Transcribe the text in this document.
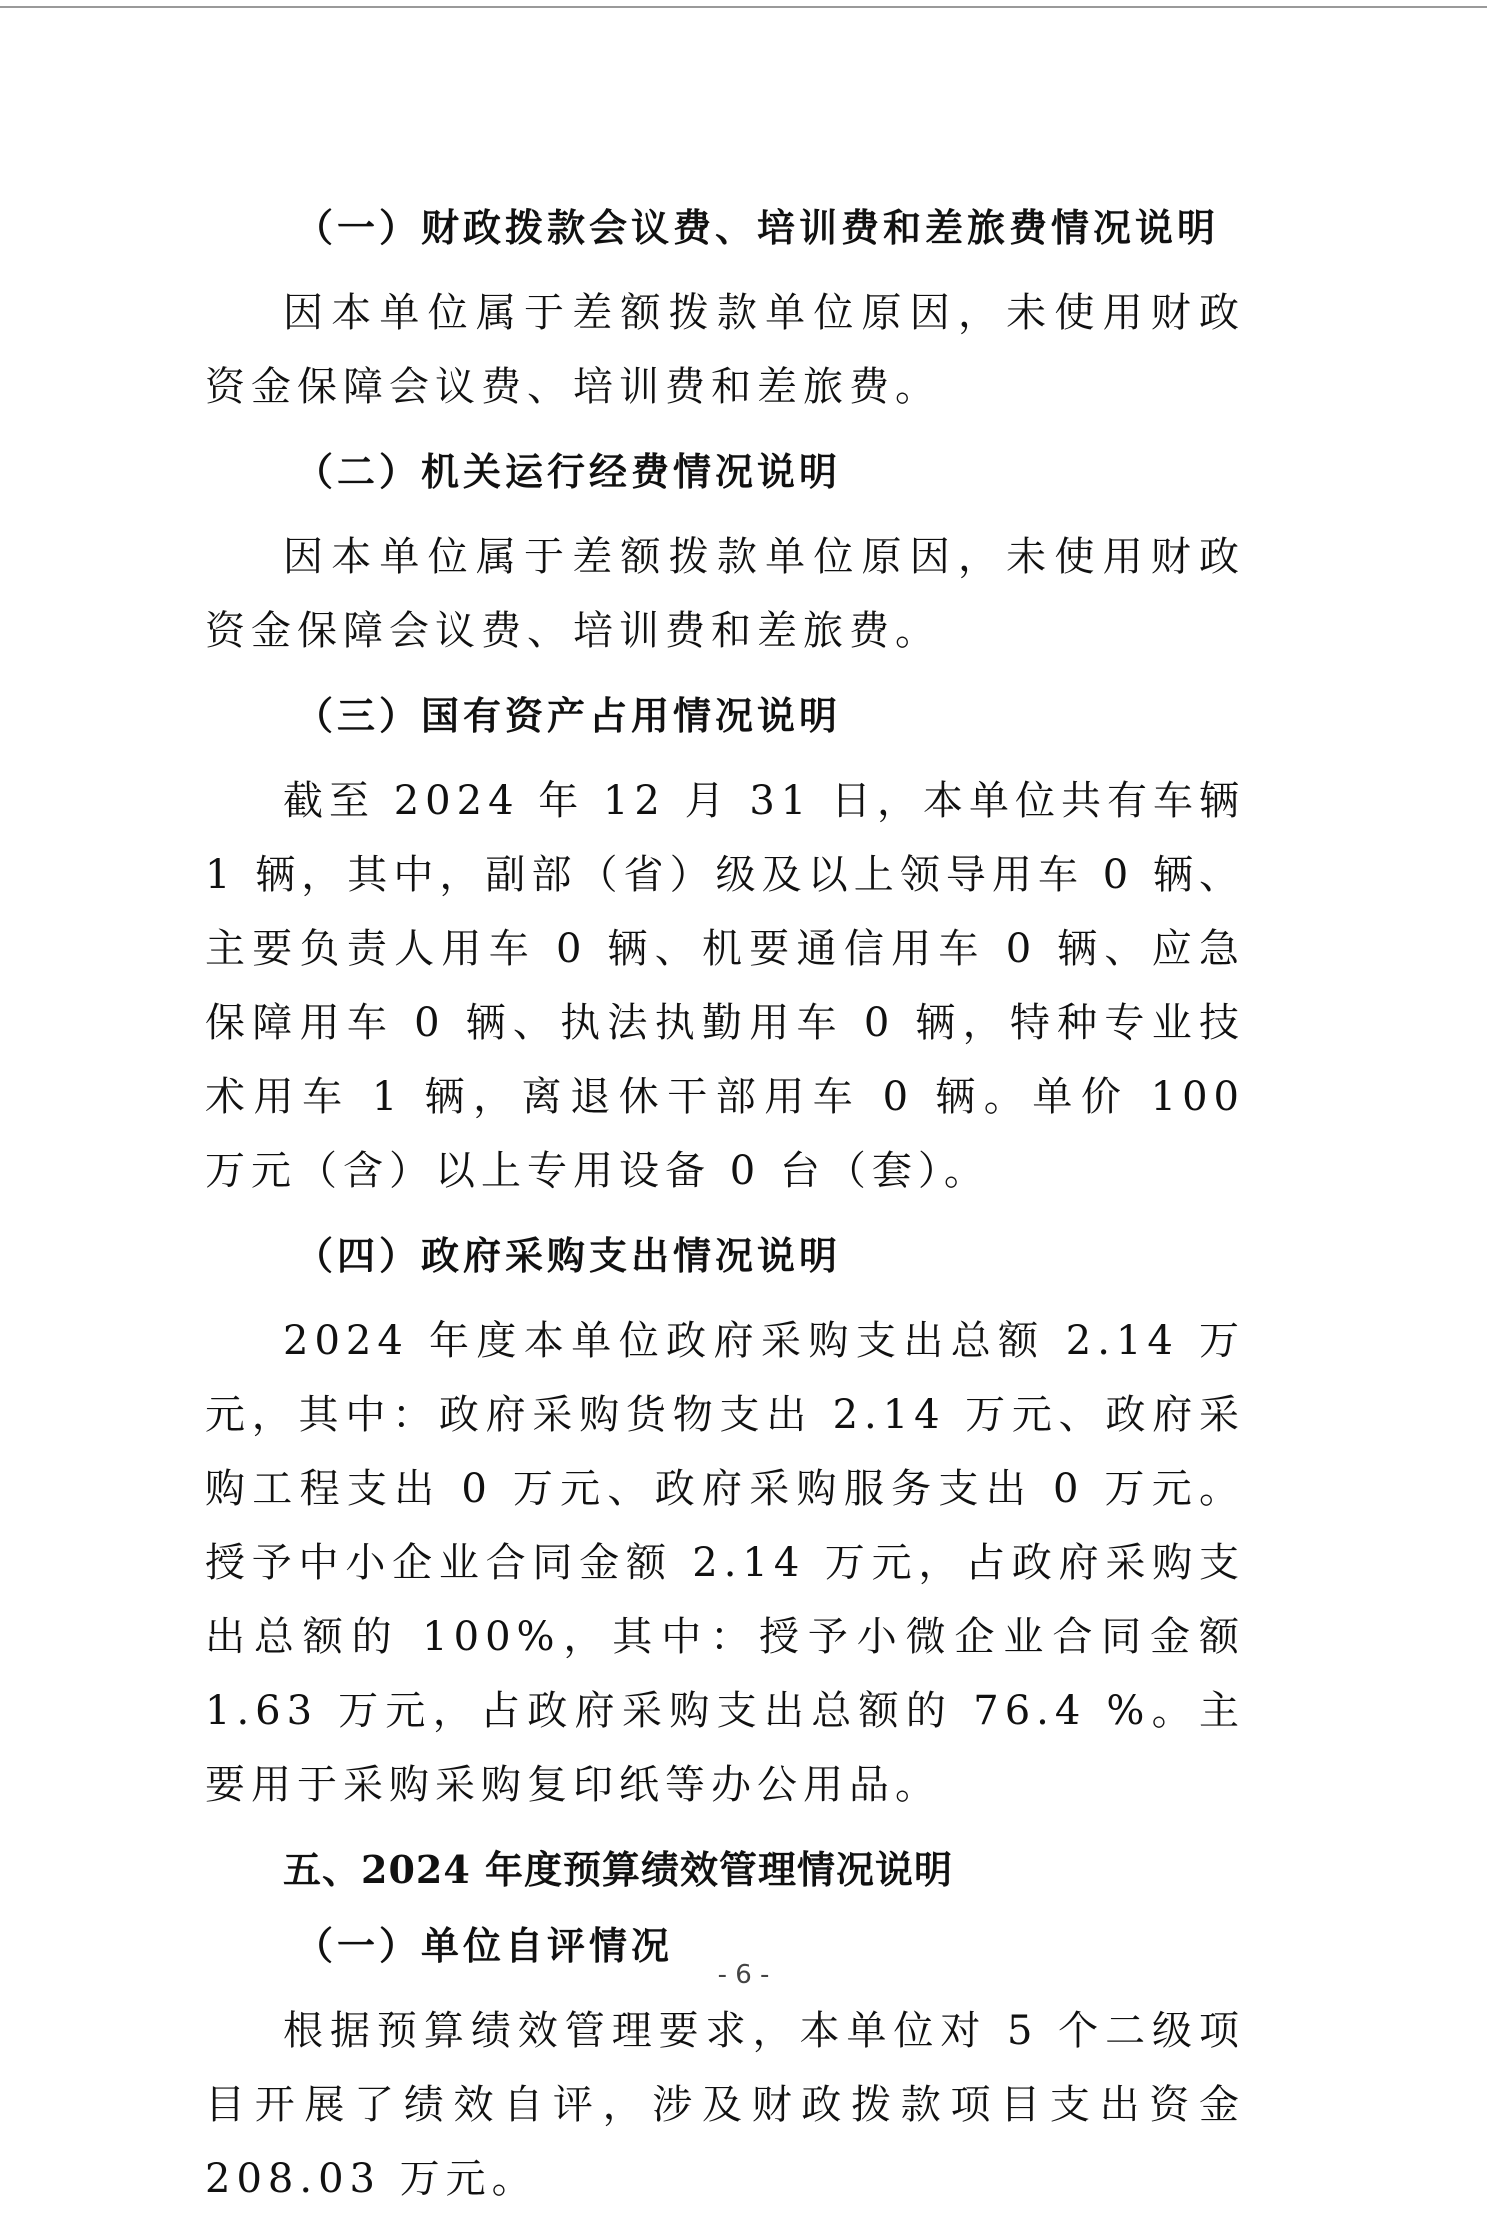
（一）财政拨款会议费、培训费和差旅费情况说明

因本单位属于差额拨款单位原因，未使用财政资金保障会议费、培训费和差旅费。

（二）机关运行经费情况说明

因本单位属于差额拨款单位原因，未使用财政资金保障会议费、培训费和差旅费。

（三）国有资产占用情况说明

截至 2024 年 12 月 31 日，本单位共有车辆 1 辆，其中，副部（省）级及以上领导用车 0 辆、主要负责人用车 0 辆、机要通信用车 0 辆、应急保障用车 0 辆、执法执勤用车 0 辆，特种专业技术用车 1 辆，离退休干部用车 0 辆。单价 100 万元（含）以上专用设备 0 台（套）。

（四）政府采购支出情况说明

2024 年度本单位政府采购支出总额 2.14 万元，其中：政府采购货物支出 2.14 万元、政府采购工程支出 0 万元、政府采购服务支出 0 万元。授予中小企业合同金额 2.14 万元，占政府采购支出总额的 100%，其中：授予小微企业合同金额 1.63 万元，占政府采购支出总额的 76.4 %。主要用于采购采购复印纸等办公用品。

五、2024 年度预算绩效管理情况说明
（一）单位自评情况

根据预算绩效管理要求，本单位对 5 个二级项目开展了绩效自评，涉及财政拨款项目支出资金 208.03 万元。

- 6 -
